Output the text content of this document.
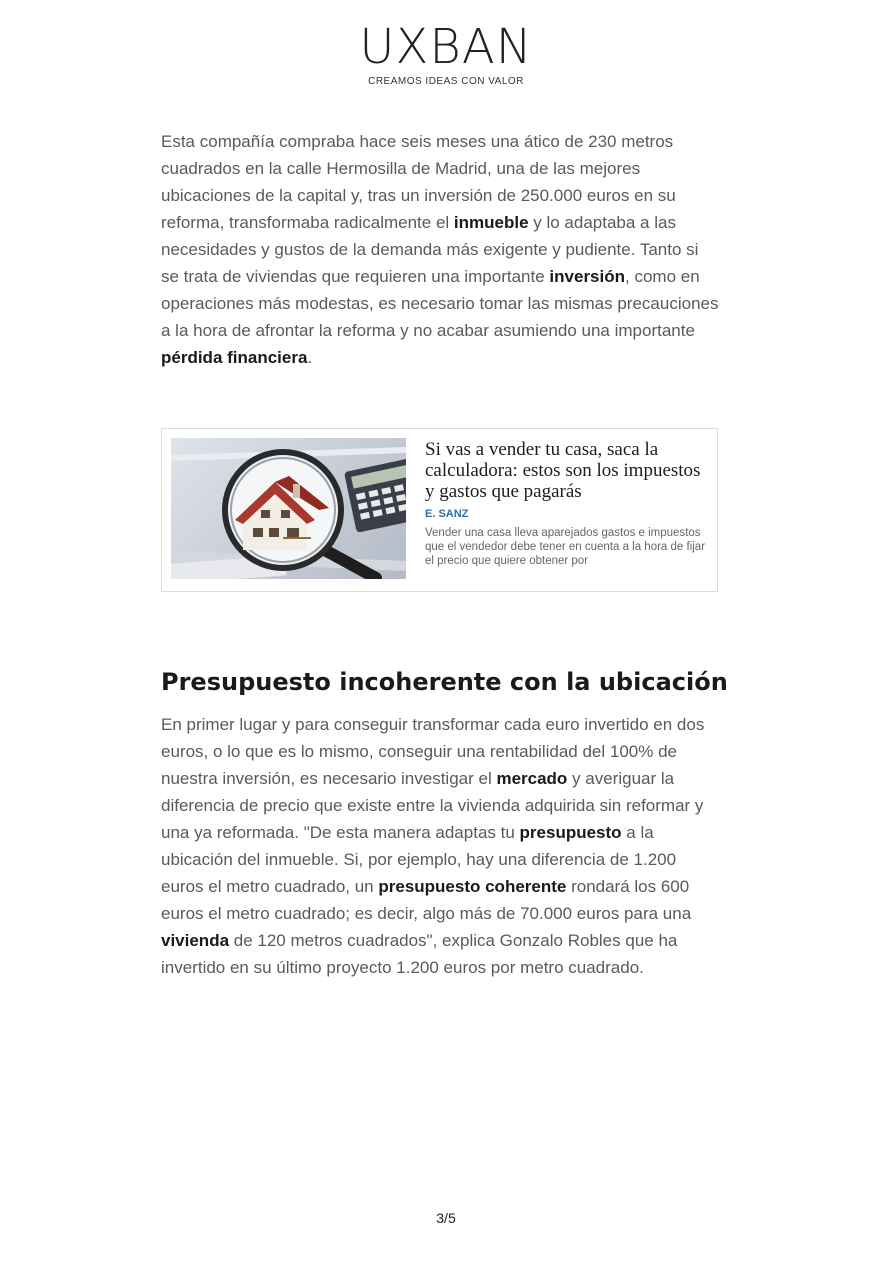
UXBAN
CREAMOS IDEAS CON VALOR

Esta compañía compraba hace seis meses una ático de 230 metros cuadrados en la calle Hermosilla de Madrid, una de las mejores ubicaciones de la capital y, tras un inversión de 250.000 euros en su reforma, transformaba radicalmente el inmueble y lo adaptaba a las necesidades y gustos de la demanda más exigente y pudiente. Tanto si se trata de viviendas que requieren una importante inversión, como en operaciones más modestas, es necesario tomar las mismas precauciones a la hora de afrontar la reforma y no acabar asumiendo una importante pérdida financiera.

Si vas a vender tu casa, saca la calculadora: estos son los impuestos y gastos que pagarás

E. SANZ
Vender una casa lleva aparejados gastos e impuestos que el vendedor debe tener en cuenta a la hora de fijar el precio que quiere obtener por
Presupuesto incoherente con la ubicación

En primer lugar y para conseguir transformar cada euro invertido en dos euros, o lo que es lo mismo, conseguir una rentabilidad del 100% de nuestra inversión, es necesario investigar el mercado y averiguar la diferencia de precio que existe entre la vivienda adquirida sin reformar y una ya reformada. "De esta manera adaptas tu presupuesto a la ubicación del inmueble. Si, por ejemplo, hay una diferencia de 1.200 euros el metro cuadrado, un presupuesto coherente rondará los 600 euros el metro cuadrado; es decir, algo más de 70.000 euros para una vivienda de 120 metros cuadrados", explica Gonzalo Robles que ha invertido en su último proyecto 1.200 euros por metro cuadrado.

3/5
